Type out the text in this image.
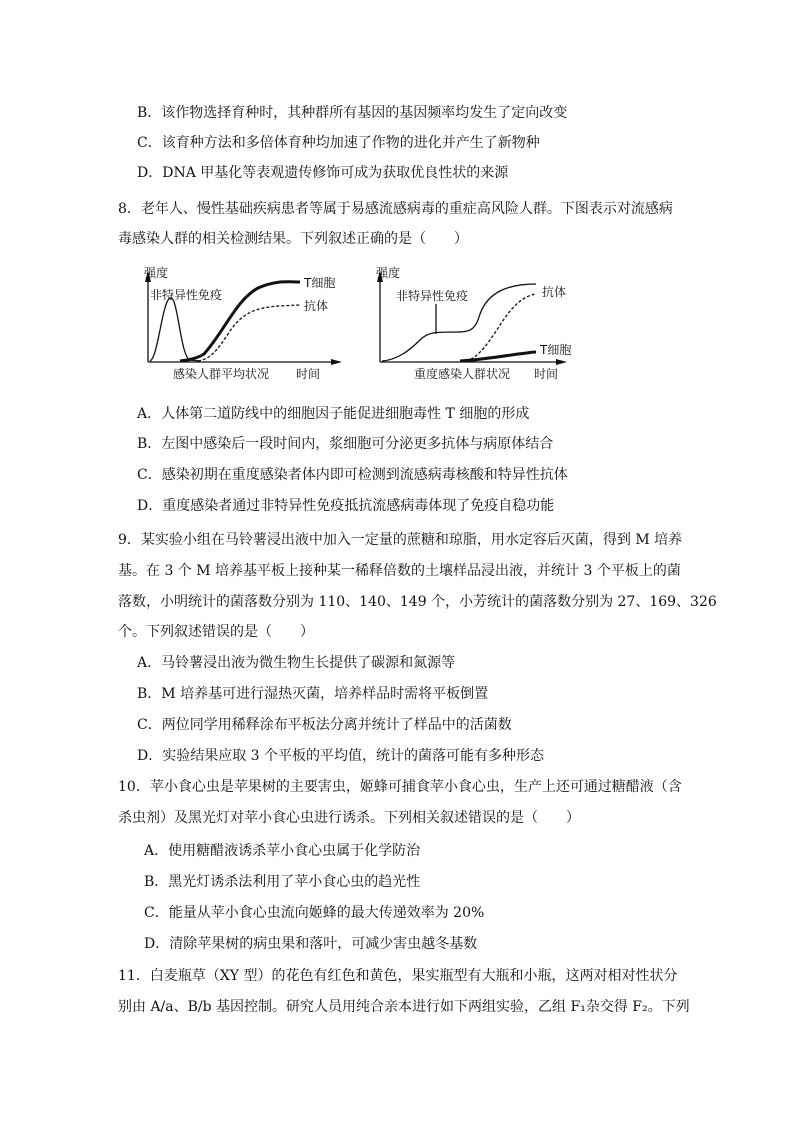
B．该作物选择育种时，其种群所有基因的基因频率均发生了定向改变
C．该育种方法和多倍体育种均加速了作物的进化并产生了新物种
D．DNA 甲基化等表观遗传修饰可成为获取优良性状的来源
8．老年人、慢性基础疾病患者等属于易感流感病毒的重症高风险人群。下图表示对流感病
毒感染人群的相关检测结果。下列叙述正确的是（　　）
强度
非特异性免疫
T细胞
抗体
感染人群平均状况 时间
强度
非特异性免疫	抗体
T细胞
重度感染人群状况 时间
A．人体第二道防线中的细胞因子能促进细胞毒性 T 细胞的形成
B．左图中感染后一段时间内，浆细胞可分泌更多抗体与病原体结合
C．感染初期在重度感染者体内即可检测到流感病毒核酸和特异性抗体
D．重度感染者通过非特异性免疫抵抗流感病毒体现了免疫自稳功能
9．某实验小组在马铃薯浸出液中加入一定量的蔗糖和琼脂，用水定容后灭菌，得到 M 培养
基。在 3 个 M 培养基平板上接种某一稀释倍数的土壤样品浸出液，并统计 3 个平板上的菌
落数，小明统计的菌落数分别为 110、140、149 个，小芳统计的菌落数分别为 27、169、326
个。下列叙述错误的是（　　）
A．马铃薯浸出液为微生物生长提供了碳源和氮源等
B．M 培养基可进行湿热灭菌，培养样品时需将平板倒置
C．两位同学用稀释涂布平板法分离并统计了样品中的活菌数
D．实验结果应取 3 个平板的平均值，统计的菌落可能有多种形态
10．苹小食心虫是苹果树的主要害虫，姬蜂可捕食苹小食心虫，生产上还可通过糖醋液（含
杀虫剂）及黑光灯对苹小食心虫进行诱杀。下列相关叙述错误的是（　　）
A．使用糖醋液诱杀苹小食心虫属于化学防治
B．黑光灯诱杀法利用了苹小食心虫的趋光性
C．能量从苹小食心虫流向姬蜂的最大传递效率为 20%
D．清除苹果树的病虫果和落叶，可减少害虫越冬基数
11．白麦瓶草（XY 型）的花色有红色和黄色，果实瓶型有大瓶和小瓶，这两对相对性状分
别由 A/a、B/b 基因控制。研究人员用纯合亲本进行如下两组实验，乙组 F₁杂交得 F₂。下列
